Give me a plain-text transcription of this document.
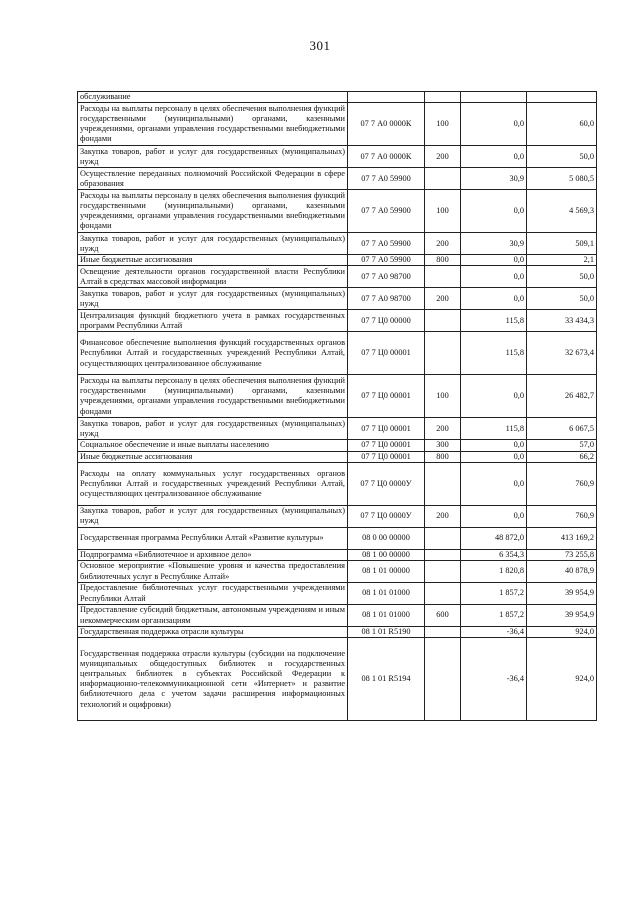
301
обслуживание				
Расходы на выплаты персоналу в целях обеспечения выполнения функций государственными (муниципальными) органами, казенными учреждениями, органами управления государственными внебюджетными фондами	07 7 А0 0000К	100	0,0	60,0
Закупка товаров, работ и услуг для государственных (муниципальных) нужд	07 7 А0 0000К	200	0,0	50,0
Осуществление переданных полномочий Российской Федерации в сфере образования	07 7 А0 59900		30,9	5 080,5
Расходы на выплаты персоналу в целях обеспечения выполнения функций государственными (муниципальными) органами, казенными учреждениями, органами управления государственными внебюджетными фондами	07 7 А0 59900	100	0,0	4 569,3
Закупка товаров, работ и услуг для государственных (муниципальных) нужд	07 7 А0 59900	200	30,9	509,1
Иные бюджетные ассигнования	07 7 А0 59900	800	0,0	2,1
Освещение деятельности органов государственной власти Республики Алтай в средствах массовой информации	07 7 А0 98700		0,0	50,0
Закупка товаров, работ и услуг для государственных (муниципальных) нужд	07 7 А0 98700	200	0,0	50,0
Централизация функций бюджетного учета в рамках государственных программ Республики Алтай	07 7 Ц0 00000		115,8	33 434,3
Финансовое обеспечение выполнения функций государственных органов Республики Алтай и государственных учреждений Республики Алтай, осуществляющих централизованное обслуживание	07 7 Ц0 00001		115,8	32 673,4
Расходы на выплаты персоналу в целях обеспечения выполнения функций государственными (муниципальными) органами, казенными учреждениями, органами управления государственными внебюджетными фондами	07 7 Ц0 00001	100	0,0	26 482,7
Закупка товаров, работ и услуг для государственных (муниципальных) нужд	07 7 Ц0 00001	200	115,8	6 067,5
Социальное обеспечение и иные выплаты населению	07 7 Ц0 00001	300	0,0	57,0
Иные бюджетные ассигнования	07 7 Ц0 00001	800	0,0	66,2
Расходы на оплату коммунальных услуг государственных органов Республики Алтай и государственных учреждений Республики Алтай, осуществляющих централизованное обслуживание	07 7 Ц0 0000У		0,0	760,9
Закупка товаров, работ и услуг для государственных (муниципальных) нужд	07 7 Ц0 0000У	200	0,0	760,9
Государственная программа Республики Алтай «Развитие культуры»	08 0 00 00000		48 872,0	413 169,2
Подпрограмма «Библиотечное и архивное дело»	08 1 00 00000		6 354,3	73 255,8
Основное мероприятие «Повышение уровня и качества предоставления библиотечных услуг в Республике Алтай»	08 1 01 00000		1 820,8	40 878,9
Предоставление библиотечных услуг государственными учреждениями Республики Алтай	08 1 01 01000		1 857,2	39 954,9
Предоставление субсидий бюджетным, автономным учреждениям и иным некоммерческим организациям	08 1 01 01000	600	1 857,2	39 954,9
Государственная поддержка отрасли культуры	08 1 01 R5190		-36,4	924,0
Государственная поддержка отрасли культуры (субсидии на подключение муниципальных общедоступных библиотек и государственных центральных библиотек в субъектах Российской Федерации к информационно-телекоммуникационной сети «Интернет» и развитие библиотечного дела с учетом задачи расширения информационных технологий и оцифровки)	08 1 01 R5194		-36,4	924,0
